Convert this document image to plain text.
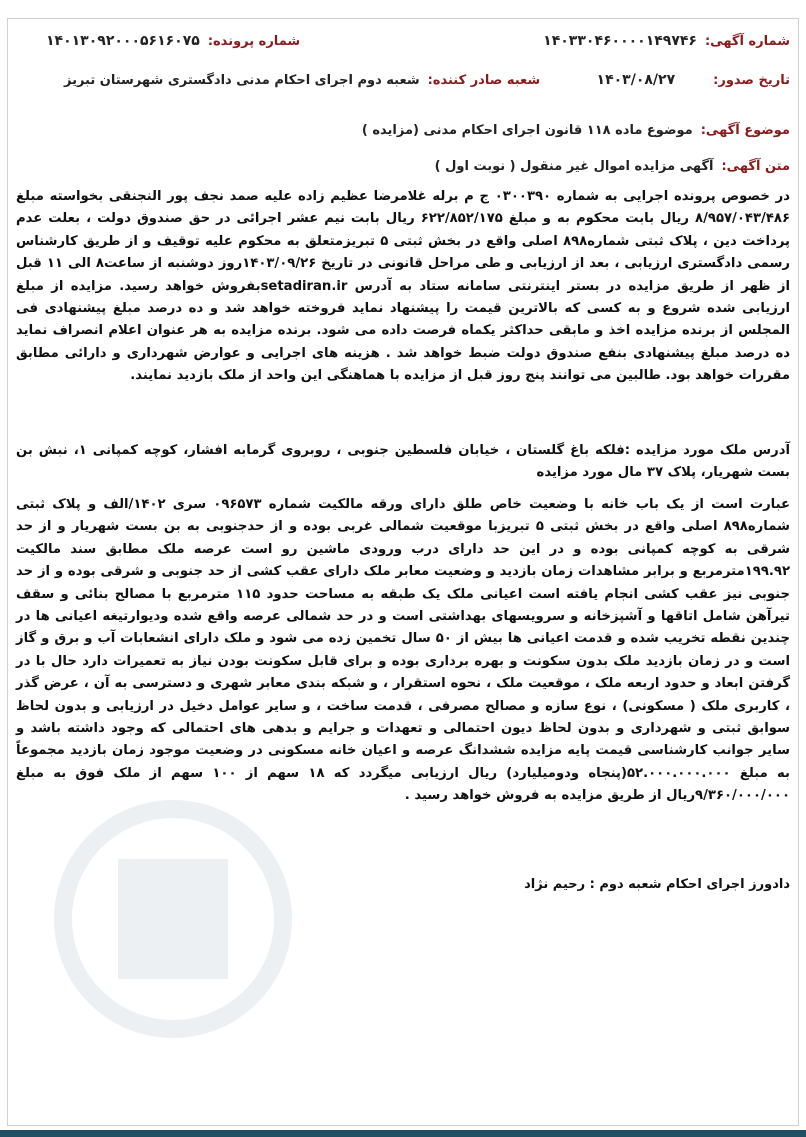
شماره آگهی:
۱۴۰۳۳۰۴۶۰۰۰۰۱۴۹۷۴۶
شماره پرونده:
۱۴۰۱۳۰۹۲۰۰۰۵۶۱۶۰۷۵
تاریخ صدور:
۱۴۰۳/۰۸/۲۷
شعبه صادر کننده:
شعبه دوم اجرای احکام مدنی دادگستری شهرستان تبریز
موضوع آگهی:
موضوع ماده ۱۱۸ قانون اجرای احکام مدنی (مزایده )
متن آگهی:
آگهی مزایده اموال غیر منقول ( نوبت اول )
در خصوص پرونده اجرایی به شماره ۰۳۰۰۳۹۰ ج م برله غلامرضا عظیم زاده علیه صمد نجف پور النجنقی بخواسته مبلغ ۸/۹۵۷/۰۴۳/۴۸۶ ریال بابت محکوم به و مبلغ ۶۲۲/۸۵۲/۱۷۵ ریال بابت نیم عشر اجرائی در حق صندوق دولت ، بعلت عدم پرداخت دین ، پلاک ثبتی شماره۸۹۸ اصلی واقع در بخش ثبتی ۵ تبریزمتعلق به محکوم علیه توقیف و از طریق کارشناس رسمی دادگستری ارزیابی ، بعد از ارزیابی و طی مراحل قانونی در تاریخ ۱۴۰۳/۰۹/۲۶روز دوشنبه از ساعت۸ الی ۱۱ قبل از ظهر از طریق مزایده در بستر اینترنتی سامانه ستاد به آدرس setadiran.irبفروش خواهد رسید. مزایده از مبلغ ارزیابی شده شروع و به کسی که بالاترین قیمت را پیشنهاد نماید فروخته خواهد شد و ده درصد مبلغ پیشنهادی فی المجلس از برنده مزایده اخذ و مابقی حداکثر یکماه فرصت داده می شود. برنده مزایده به هر عنوان اعلام انصراف نماید ده درصد مبلغ پیشنهادی بنفع صندوق دولت ضبط خواهد شد . هزینه های اجرایی و عوارض شهرداری و دارائی مطابق مقررات خواهد بود. طالبین می توانند پنج روز قبل از مزایده با هماهنگی این واحد از ملک بازدید نمایند.
آدرس ملک مورد مزایده :فلکه باغ گلستان ، خیابان فلسطین جنوبی ، روبروی گرمابه افشار، کوچه کمپانی ۱، نبش بن بست شهریار، پلاک ۳۷ مال مورد مزایده
عبارت است از یک باب خانه با وضعیت خاص طلق دارای ورقه مالکیت شماره ۰۹۶۵۷۳ سری ۱۴۰۲/الف و پلاک ثبتی شماره۸۹۸ اصلی واقع در بخش ثبتی ۵ تبریزبا موقعیت شمالی غربی بوده و از حدجنوبی به بن بست شهریار و از حد شرقی به کوچه کمپانی بوده و در این حد دارای درب ورودی ماشین رو است عرصه ملک مطابق سند مالکیت ۱۹۹.۹۲مترمربع و برابر مشاهدات زمان بازدید و وضعیت معابر ملک دارای عقب کشی از حد جنوبی و شرقی بوده و از حد جنوبی نیز عقب کشی انجام یافته است اعیانی ملک یک طبقه به مساحت حدود ۱۱۵ مترمربع با مصالح بنائی و سقف تیرآهن شامل اتاقها و آشپزخانه و سرویسهای بهداشتی است و در حد شمالی عرصه واقع شده ودیوارتیغه اعیانی ها در چندین نقطه تخریب شده و قدمت اعیانی ها بیش از ۵۰ سال تخمین زده می شود و ملک دارای انشعابات آب و برق و گاز است و در زمان بازدید ملک بدون سکونت و بهره برداری بوده و برای قابل سکونت بودن نیاز به تعمیرات دارد حال با در گرفتن ابعاد و حدود اربعه ملک ، موقعیت ملک ، نحوه استقرار ، و شبکه بندی معابر شهری و دسترسی به آن ، عرض گذر ، کاربری ملک ( مسکونی) ، نوع سازه و مصالح مصرفی ، قدمت ساخت ، و سایر عوامل دخیل در ارزیابی و بدون لحاظ سوابق ثبتی و شهرداری و بدون لحاظ دیون احتمالی و تعهدات و جرایم و بدهی های احتمالی که وجود داشته باشد و سایر جوانب کارشناسی قیمت پایه مزایده ششدانگ عرصه و اعیان خانه مسکونی در وضعیت موجود زمان بازدید مجموعاً به مبلغ ۵۲.۰۰۰.۰۰۰.۰۰۰(پنجاه ودومیلیارد) ریال ارزیابی میگردد که ۱۸ سهم از ۱۰۰ سهم از ملک فوق به مبلغ ۹/۳۶۰/۰۰۰/۰۰۰ریال از طریق مزایده به فروش خواهد رسید .
دادورز اجرای احکام شعبه دوم : رحیم نژاد
